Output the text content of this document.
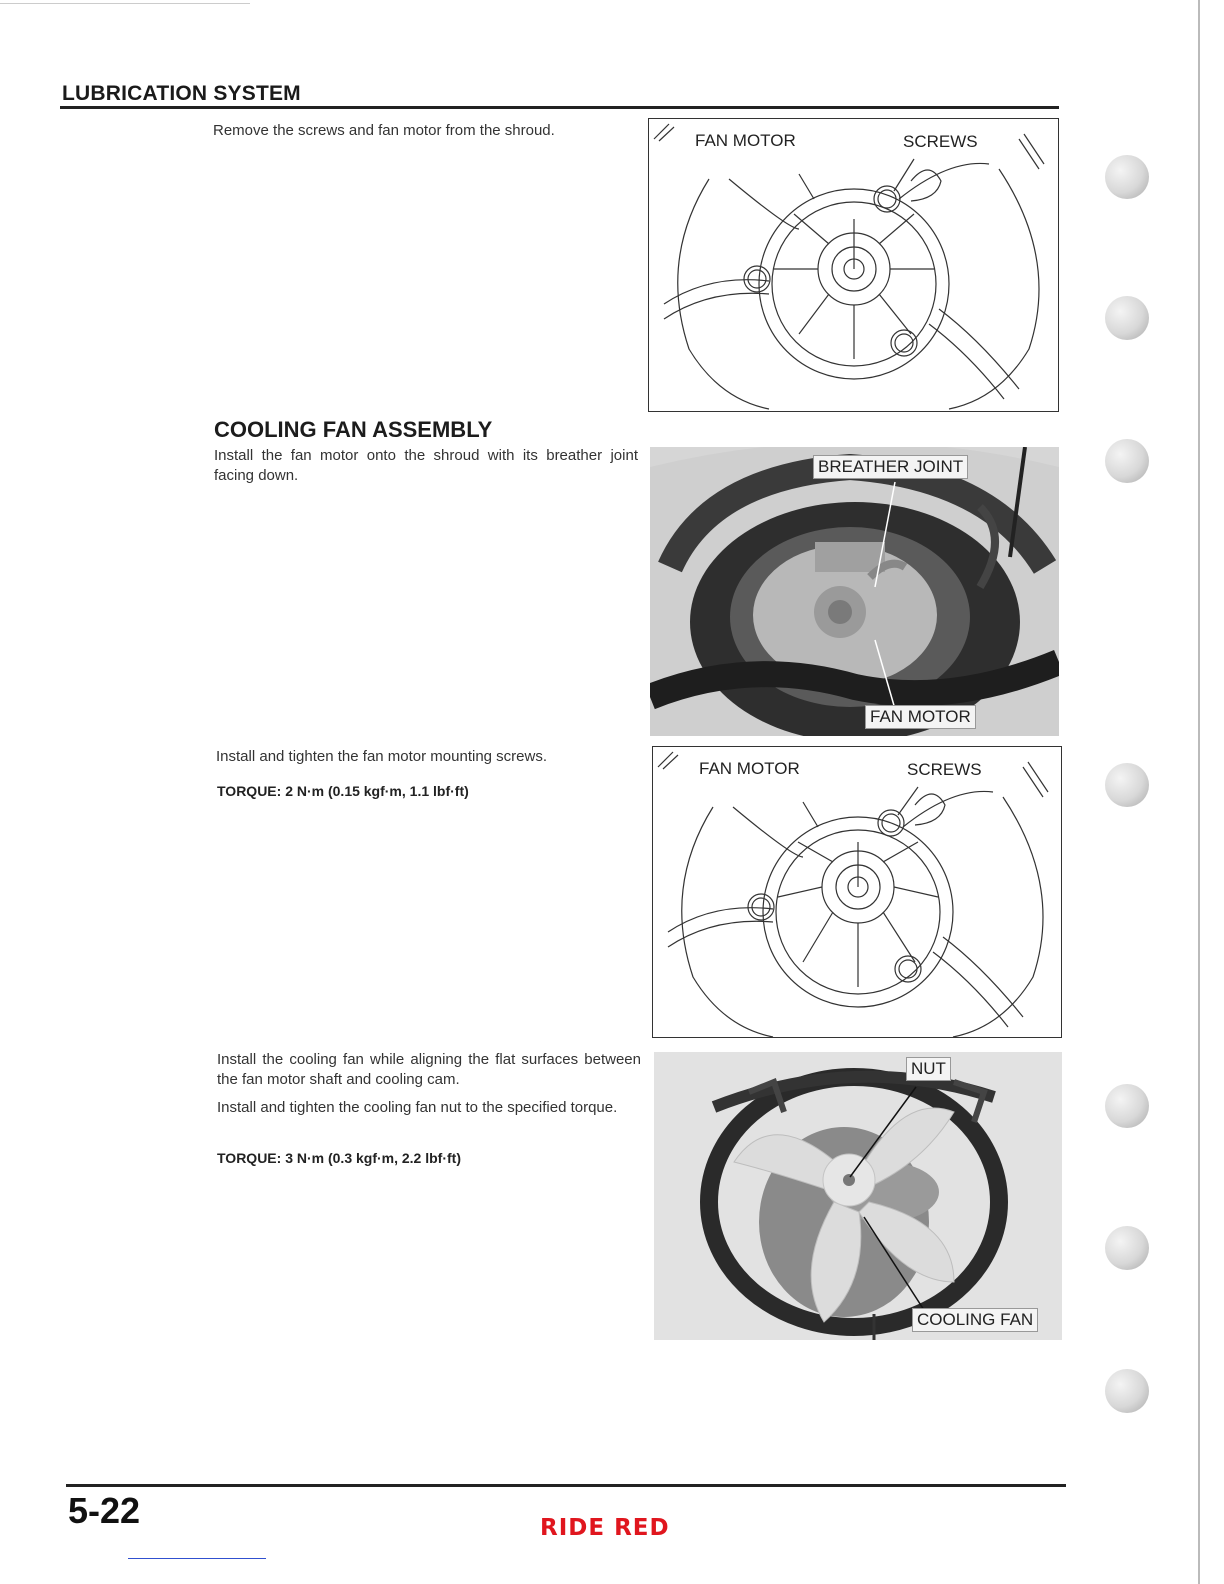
LUBRICATION SYSTEM
Remove the screws and fan motor from the shroud.
COOLING FAN ASSEMBLY
Install the fan motor onto the shroud with its breather joint facing down.
Install and tighten the fan motor mounting screws.
TORQUE: 2 N·m (0.15 kgf·m, 1.1 lbf·ft)
Install the cooling fan while aligning the flat surfaces between the fan motor shaft and cooling cam.
Install and tighten the cooling fan nut to the specified torque.
TORQUE: 3 N·m (0.3 kgf·m, 2.2 lbf·ft)
FAN MOTOR	SCREWS
BREATHER JOINT
FAN MOTOR
FAN MOTOR	SCREWS
NUT
COOLING FAN
5-22	RIDE RED
